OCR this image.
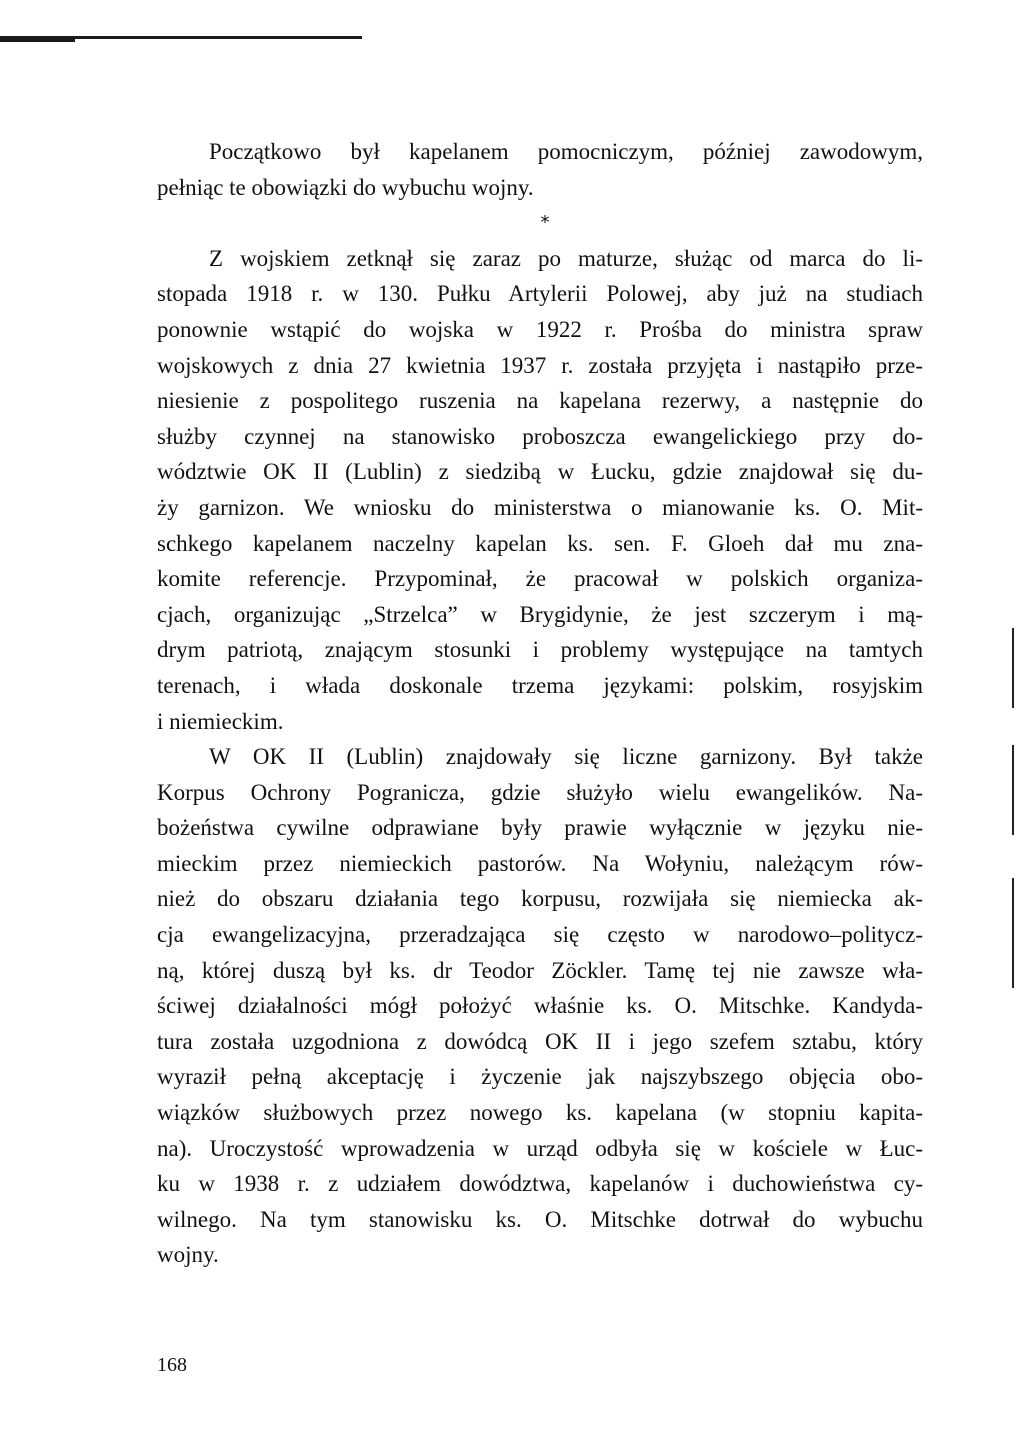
Początkowo był kapelanem pomocniczym, później zawodowym,
pełniąc te obowiązki do wybuchu wojny.
*
Z wojskiem zetknął się zaraz po maturze, służąc od marca do li-
stopada 1918 r. w 130. Pułku Artylerii Polowej, aby już na studiach
ponownie wstąpić do wojska w 1922 r. Prośba do ministra spraw
wojskowych z dnia 27 kwietnia 1937 r. została przyjęta i nastąpiło prze-
niesienie z pospolitego ruszenia na kapelana rezerwy, a następnie do
służby czynnej na stanowisko proboszcza ewangelickiego przy do-
wództwie OK II (Lublin) z siedzibą w Łucku, gdzie znajdował się du-
ży garnizon. We wniosku do ministerstwa o mianowanie ks. O. Mit-
schkego kapelanem naczelny kapelan ks. sen. F. Gloeh dał mu zna-
komite referencje. Przypominał, że pracował w polskich organiza-
cjach, organizując „Strzelca” w Brygidynie, że jest szczerym i mą-
drym patriotą, znającym stosunki i problemy występujące na tamtych
terenach, i włada doskonale trzema językami: polskim, rosyjskim
i niemieckim.
W OK II (Lublin) znajdowały się liczne garnizony. Był także
Korpus Ochrony Pogranicza, gdzie służyło wielu ewangelików. Na-
bożeństwa cywilne odprawiane były prawie wyłącznie w języku nie-
mieckim przez niemieckich pastorów. Na Wołyniu, należącym rów-
nież do obszaru działania tego korpusu, rozwijała się niemiecka ak-
cja ewangelizacyjna, przeradzająca się często w narodowo–politycz-
ną, której duszą był ks. dr Teodor Zöckler. Tamę tej nie zawsze wła-
ściwej działalności mógł położyć właśnie ks. O. Mitschke. Kandyda-
tura została uzgodniona z dowódcą OK II i jego szefem sztabu, który
wyraził pełną akceptację i życzenie jak najszybszego objęcia obo-
wiązków służbowych przez nowego ks. kapelana (w stopniu kapita-
na). Uroczystość wprowadzenia w urząd odbyła się w kościele w Łuc-
ku w 1938 r. z udziałem dowództwa, kapelanów i duchowieństwa cy-
wilnego. Na tym stanowisku ks. O. Mitschke dotrwał do wybuchu
wojny.
168
